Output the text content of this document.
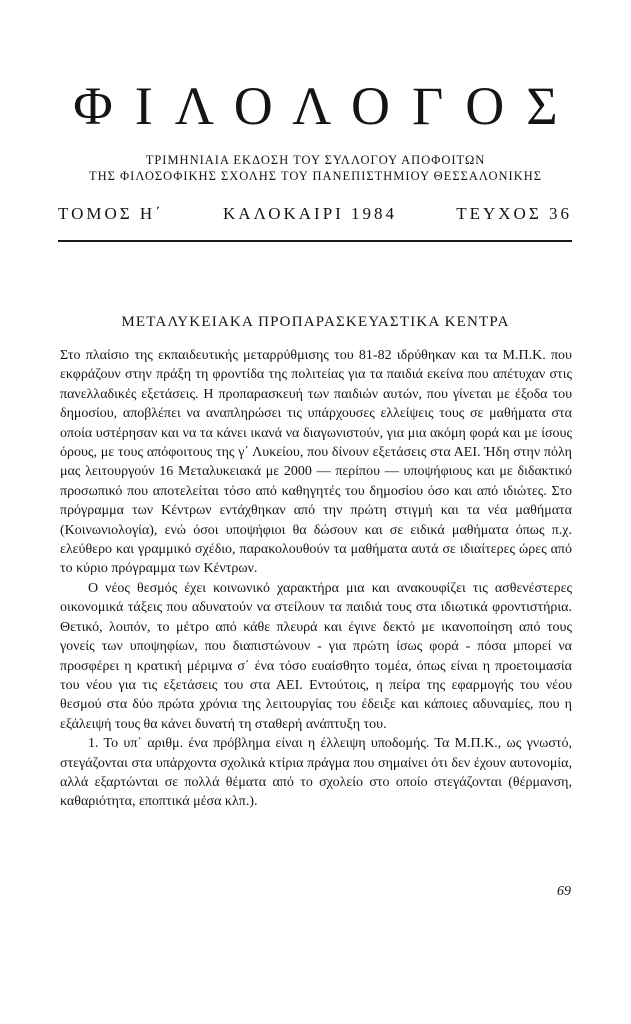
ΦΙΛΟΛΟΓΟΣ
ΤΡΙΜΗΝΙΑΙΑ ΕΚΔΟΣΗ ΤΟΥ ΣΥΛΛΟΓΟΥ ΑΠΟΦΟΙΤΩΝ
ΤΗΣ ΦΙΛΟΣΟΦΙΚΗΣ ΣΧΟΛΗΣ ΤΟΥ ΠΑΝΕΠΙΣΤΗΜΙΟΥ ΘΕΣΣΑΛΟΝΙΚΗΣ
ΤΟΜΟΣ Η΄	ΚΑΛΟΚΑΙΡΙ 1984	ΤΕΥΧΟΣ 36
ΜΕΤΑΛΥΚΕΙΑΚΑ ΠΡΟΠΑΡΑΣΚΕΥΑΣΤΙΚΑ ΚΕΝΤΡΑ

Στο πλαίσιο της εκπαιδευτικής μεταρρύθμισης του 81-82 ιδρύθηκαν και τα Μ.Π.Κ. που εκφράζουν στην πράξη τη φροντίδα της πολιτείας για τα παιδιά εκείνα που απέτυχαν στις πανελλαδικές εξετάσεις. Η προπαρασκευή των παιδιών αυτών, που γίνεται με έξοδα του δημοσίου, αποβλέπει να αναπληρώσει τις υπάρχουσες ελλείψεις τους σε μαθήματα στα οποία υστέρησαν και να τα κάνει ικανά να διαγωνιστούν, για μια ακόμη φορά και με ίσους όρους, με τους απόφοιτους της γ΄ Λυκείου, που δίνουν εξετάσεις στα ΑΕΙ. Ήδη στην πόλη μας λειτουργούν 16 Μεταλυκειακά με 2000 — περίπου — υποψήφιους και με διδακτικό προσωπικό που αποτελείται τόσο από καθηγητές του δημοσίου όσο και από ιδιώτες. Στο πρόγραμμα των Κέντρων εντάχθηκαν από την πρώτη στιγμή και τα νέα μαθήματα (Κοινωνιολογία), ενώ όσοι υποψήφιοι θα δώσουν και σε ειδικά μαθήματα όπως π.χ. ελεύθερο και γραμμικό σχέδιο, παρακολουθούν τα μαθήματα αυτά σε ιδιαίτερες ώρες από το κύριο πρόγραμμα των Κέντρων.

Ο νέος θεσμός έχει κοινωνικό χαρακτήρα μια και ανακουφίζει τις ασθενέστερες οικονομικά τάξεις που αδυνατούν να στείλουν τα παιδιά τους στα ιδιωτικά φροντιστήρια. Θετικό, λοιπόν, το μέτρο από κάθε πλευρά και έγινε δεκτό με ικανοποίηση από τους γονείς των υποψηφίων, που διαπιστώνουν - για πρώτη ίσως φορά - πόσα μπορεί να προσφέρει η κρατική μέριμνα σ΄ ένα τόσο ευαίσθητο τομέα, όπως είναι η προετοιμασία του νέου για τις εξετάσεις του στα ΑΕΙ. Εντούτοις, η πείρα της εφαρμογής του νέου θεσμού στα δύο πρώτα χρόνια της λειτουργίας του έδειξε και κάποιες αδυναμίες, που η εξάλειψή τους θα κάνει δυνατή τη σταθερή ανάπτυξη του.

1. Το υπ΄ αριθμ. ένα πρόβλημα είναι η έλλειψη υποδομής. Τα Μ.Π.Κ., ως γνωστό, στεγάζονται στα υπάρχοντα σχολικά κτίρια πράγμα που σημαίνει ότι δεν έχουν αυτονομία, αλλά εξαρτώνται σε πολλά θέματα από το σχολείο στο οποίο στεγάζονται (θέρμανση, καθαριότητα, εποπτικά μέσα κλπ.).

69
